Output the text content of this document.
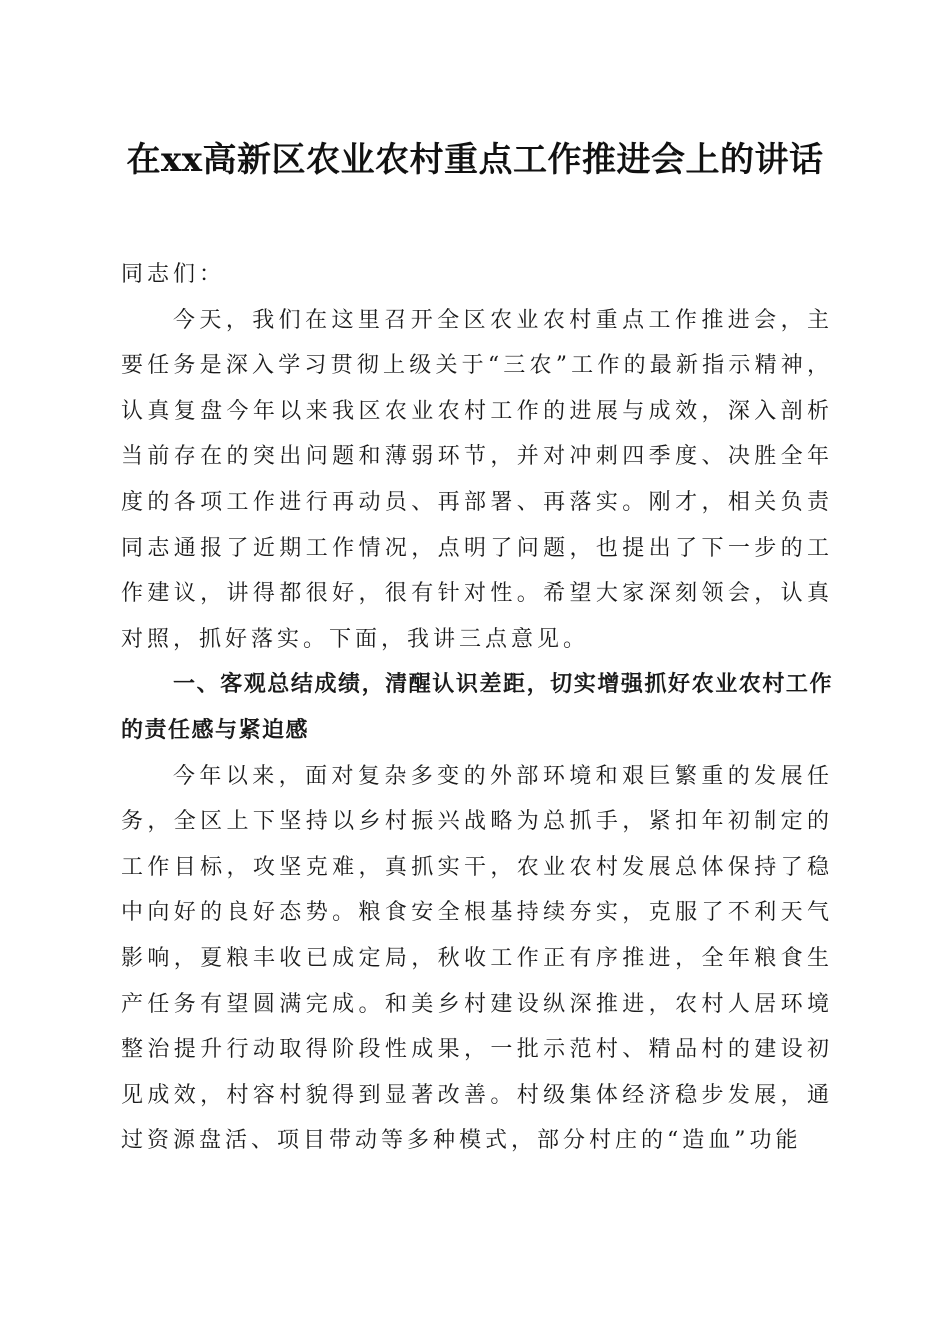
在xx高新区农业农村重点工作推进会上的讲话

同志们：

今天，我们在这里召开全区农业农村重点工作推进会，主要任务是深入学习贯彻上级关于“三农”工作的最新指示精神，认真复盘今年以来我区农业农村工作的进展与成效，深入剖析当前存在的突出问题和薄弱环节，并对冲刺四季度、决胜全年度的各项工作进行再动员、再部署、再落实。刚才，相关负责同志通报了近期工作情况，点明了问题，也提出了下一步的工作建议，讲得都很好，很有针对性。希望大家深刻领会，认真对照，抓好落实。下面，我讲三点意见。

一、客观总结成绩，清醒认识差距，切实增强抓好农业农村工作的责任感与紧迫感

今年以来，面对复杂多变的外部环境和艰巨繁重的发展任务，全区上下坚持以乡村振兴战略为总抓手，紧扣年初制定的工作目标，攻坚克难，真抓实干，农业农村发展总体保持了稳中向好的良好态势。粮食安全根基持续夯实，克服了不利天气影响，夏粮丰收已成定局，秋收工作正有序推进，全年粮食生产任务有望圆满完成。和美乡村建设纵深推进，农村人居环境整治提升行动取得阶段性成果，一批示范村、精品村的建设初见成效，村容村貌得到显著改善。村级集体经济稳步发展，通过资源盘活、项目带动等多种模式，部分村庄的“造血”功能
